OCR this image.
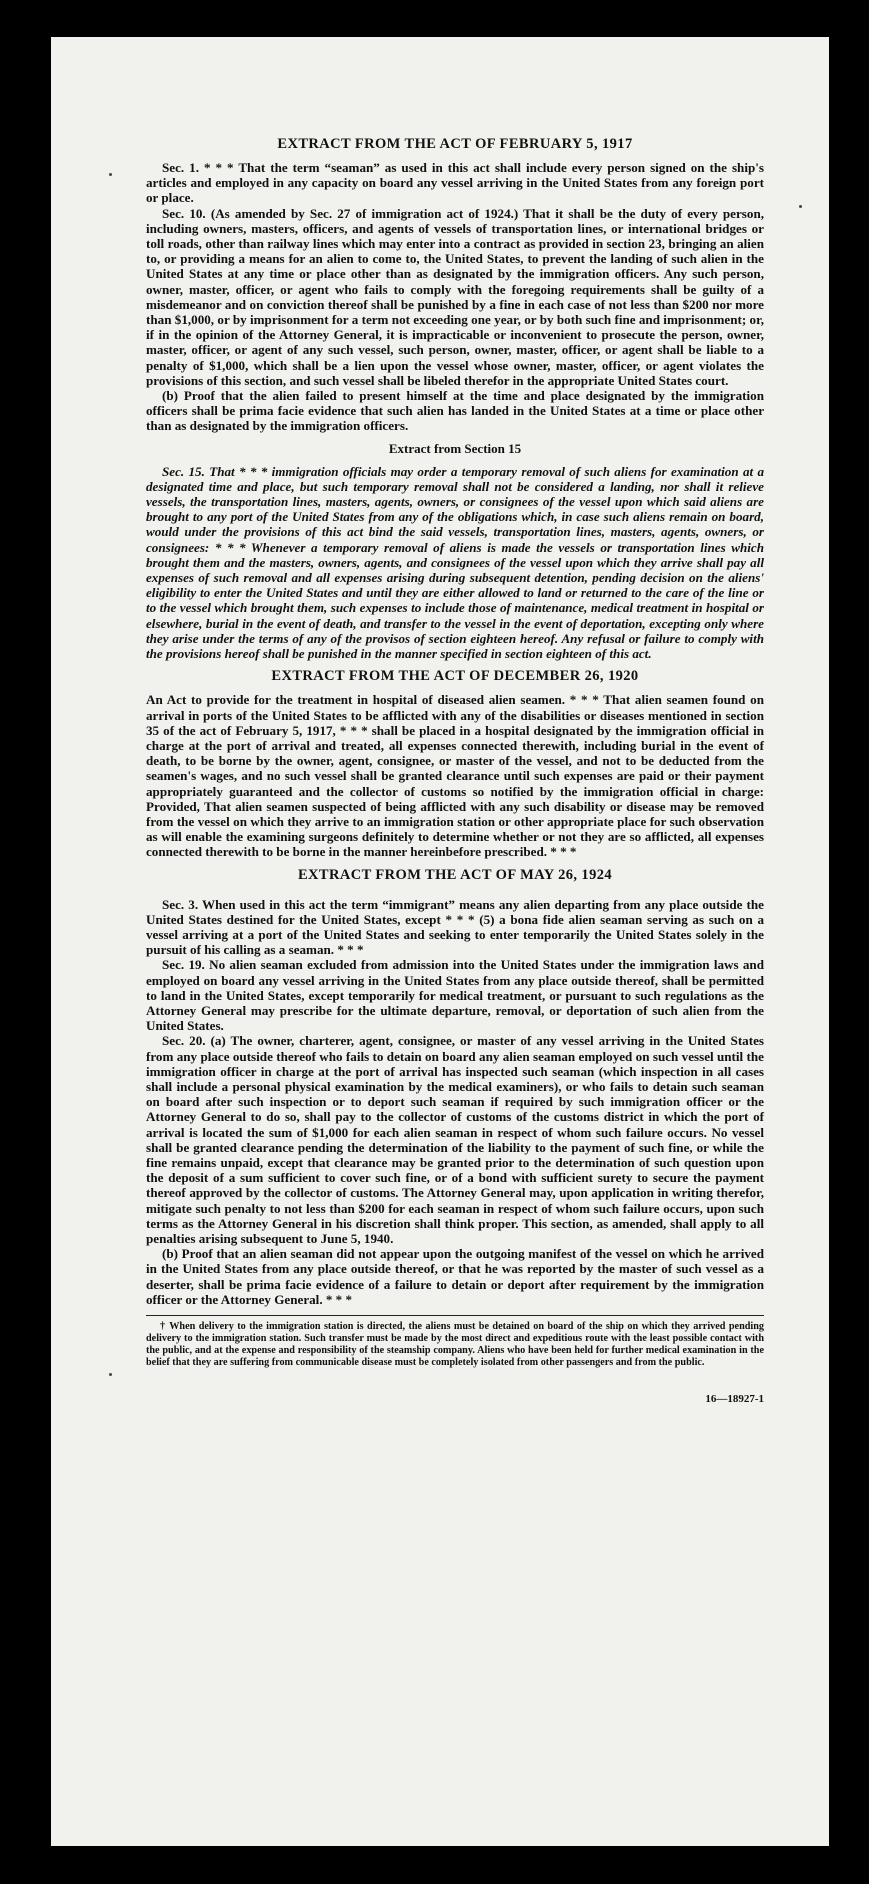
EXTRACT FROM THE ACT OF FEBRUARY 5, 1917

Sec. 1. * * * That the term “seaman” as used in this act shall include every person signed on the ship's articles and employed in any capacity on board any vessel arriving in the United States from any foreign port or place.

Sec. 10. (As amended by Sec. 27 of immigration act of 1924.) That it shall be the duty of every person, including owners, masters, officers, and agents of vessels of transportation lines, or international bridges or toll roads, other than railway lines which may enter into a contract as provided in section 23, bringing an alien to, or providing a means for an alien to come to, the United States, to prevent the landing of such alien in the United States at any time or place other than as designated by the immigration officers. Any such person, owner, master, officer, or agent who fails to comply with the foregoing requirements shall be guilty of a misdemeanor and on conviction thereof shall be punished by a fine in each case of not less than $200 nor more than $1,000, or by imprisonment for a term not exceeding one year, or by both such fine and imprisonment; or, if in the opinion of the Attorney General, it is impracticable or inconvenient to prosecute the person, owner, master, officer, or agent of any such vessel, such person, owner, master, officer, or agent shall be liable to a penalty of $1,000, which shall be a lien upon the vessel whose owner, master, officer, or agent violates the provisions of this section, and such vessel shall be libeled therefor in the appropriate United States court.

(b) Proof that the alien failed to present himself at the time and place designated by the immigration officers shall be prima facie evidence that such alien has landed in the United States at a time or place other than as designated by the immigration officers.

Extract from Section 15

Sec. 15. That * * * immigration officials may order a temporary removal of such aliens for examination at a designated time and place, but such temporary removal shall not be considered a landing, nor shall it relieve vessels, the transportation lines, masters, agents, owners, or consignees of the vessel upon which said aliens are brought to any port of the United States from any of the obligations which, in case such aliens remain on board, would under the provisions of this act bind the said vessels, transportation lines, masters, agents, owners, or consignees: * * * Whenever a temporary removal of aliens is made the vessels or transportation lines which brought them and the masters, owners, agents, and consignees of the vessel upon which they arrive shall pay all expenses of such removal and all expenses arising during subsequent detention, pending decision on the aliens' eligibility to enter the United States and until they are either allowed to land or returned to the care of the line or to the vessel which brought them, such expenses to include those of maintenance, medical treatment in hospital or elsewhere, burial in the event of death, and transfer to the vessel in the event of deportation, excepting only where they arise under the terms of any of the provisos of section eighteen hereof. Any refusal or failure to comply with the provisions hereof shall be punished in the manner specified in section eighteen of this act.

EXTRACT FROM THE ACT OF DECEMBER 26, 1920

An Act to provide for the treatment in hospital of diseased alien seamen. * * * That alien seamen found on arrival in ports of the United States to be afflicted with any of the disabilities or diseases mentioned in section 35 of the act of February 5, 1917, * * * shall be placed in a hospital designated by the immigration official in charge at the port of arrival and treated, all expenses connected therewith, including burial in the event of death, to be borne by the owner, agent, consignee, or master of the vessel, and not to be deducted from the seamen's wages, and no such vessel shall be granted clearance until such expenses are paid or their payment appropriately guaranteed and the collector of customs so notified by the immigration official in charge: Provided, That alien seamen suspected of being afflicted with any such disability or disease may be removed from the vessel on which they arrive to an immigration station or other appropriate place for such observation as will enable the examining surgeons definitely to determine whether or not they are so afflicted, all expenses connected therewith to be borne in the manner hereinbefore prescribed. * * *

EXTRACT FROM THE ACT OF MAY 26, 1924

Sec. 3. When used in this act the term “immigrant” means any alien departing from any place outside the United States destined for the United States, except * * * (5) a bona fide alien seaman serving as such on a vessel arriving at a port of the United States and seeking to enter temporarily the United States solely in the pursuit of his calling as a seaman. * * *

Sec. 19. No alien seaman excluded from admission into the United States under the immigration laws and employed on board any vessel arriving in the United States from any place outside thereof, shall be permitted to land in the United States, except temporarily for medical treatment, or pursuant to such regulations as the Attorney General may prescribe for the ultimate departure, removal, or deportation of such alien from the United States.

Sec. 20. (a) The owner, charterer, agent, consignee, or master of any vessel arriving in the United States from any place outside thereof who fails to detain on board any alien seaman employed on such vessel until the immigration officer in charge at the port of arrival has inspected such seaman (which inspection in all cases shall include a personal physical examination by the medical examiners), or who fails to detain such seaman on board after such inspection or to deport such seaman if required by such immigration officer or the Attorney General to do so, shall pay to the collector of customs of the customs district in which the port of arrival is located the sum of $1,000 for each alien seaman in respect of whom such failure occurs. No vessel shall be granted clearance pending the determination of the liability to the payment of such fine, or while the fine remains unpaid, except that clearance may be granted prior to the determination of such question upon the deposit of a sum sufficient to cover such fine, or of a bond with sufficient surety to secure the payment thereof approved by the collector of customs. The Attorney General may, upon application in writing therefor, mitigate such penalty to not less than $200 for each seaman in respect of whom such failure occurs, upon such terms as the Attorney General in his discretion shall think proper. This section, as amended, shall apply to all penalties arising subsequent to June 5, 1940.

(b) Proof that an alien seaman did not appear upon the outgoing manifest of the vessel on which he arrived in the United States from any place outside thereof, or that he was reported by the master of such vessel as a deserter, shall be prima facie evidence of a failure to detain or deport after requirement by the immigration officer or the Attorney General. * * *

† When delivery to the immigration station is directed, the aliens must be detained on board of the ship on which they arrived pending delivery to the immigration station. Such transfer must be made by the most direct and expeditious route with the least possible contact with the public, and at the expense and responsibility of the steamship company. Aliens who have been held for further medical examination in the belief that they are suffering from communicable disease must be completely isolated from other passengers and from the public.

16—18927-1
